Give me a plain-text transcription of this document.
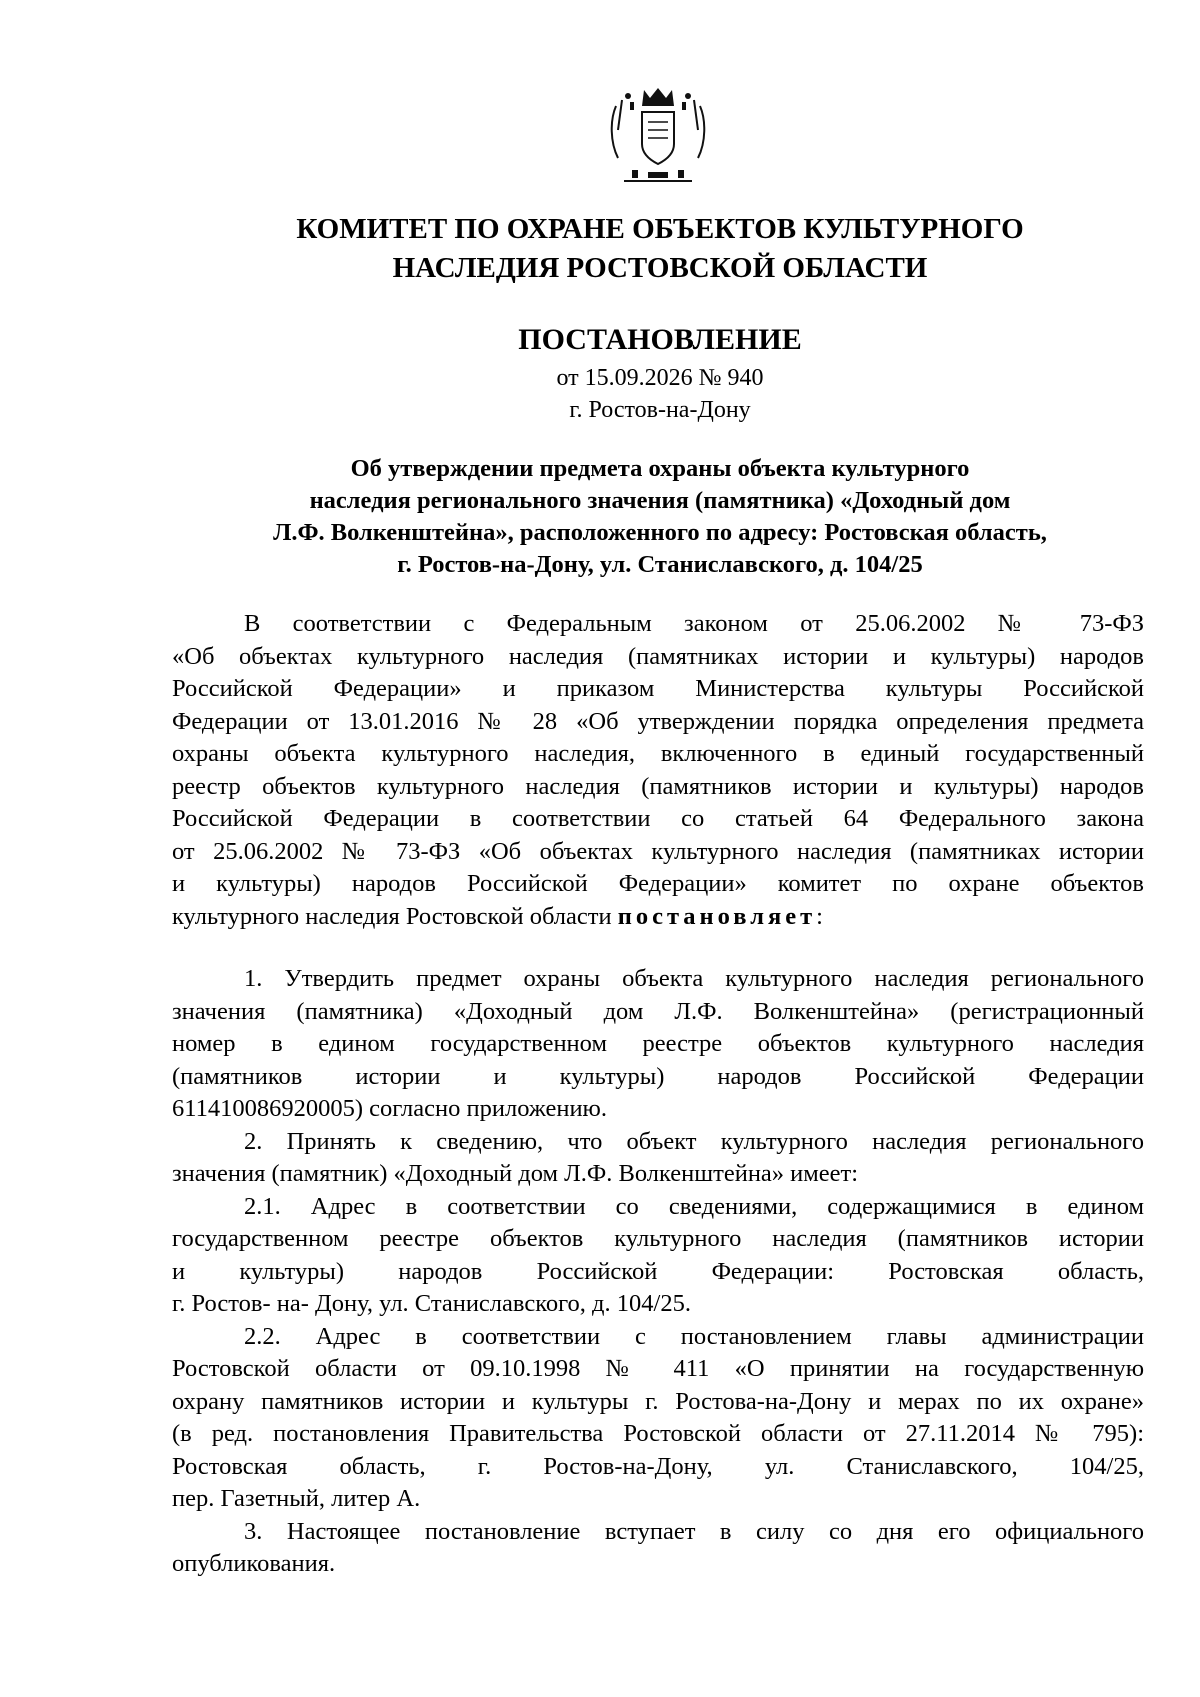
КОМИТЕТ ПО ОХРАНЕ ОБЪЕКТОВ КУЛЬТУРНОГО
НАСЛЕДИЯ РОСТОВСКОЙ ОБЛАСТИ
ПОСТАНОВЛЕНИЕ
от 15.09.2026 № 940
г. Ростов-на-Дону
Об утверждении предмета охраны объекта культурного
наследия регионального значения (памятника) «Доходный дом
Л.Ф. Волкенштейна», расположенного по адресу: Ростовская область,
г. Ростов-на-Дону, ул. Станиславского, д. 104/25
В соответствии с Федеральным законом от 25.06.2002 № 73-ФЗ
«Об объектах культурного наследия (памятниках истории и культуры) народов
Российской Федерации» и приказом Министерства культуры Российской
Федерации от 13.01.2016 № 28 «Об утверждении порядка определения предмета
охраны объекта культурного наследия, включенного в единый государственный
реестр объектов культурного наследия (памятников истории и культуры) народов
Российской Федерации в соответствии со статьей 64 Федерального закона
от 25.06.2002 № 73-ФЗ «Об объектах культурного наследия (памятниках истории
и культуры) народов Российской Федерации» комитет по охране объектов
культурного наследия Ростовской области постановляет:
1. Утвердить предмет охраны объекта культурного наследия регионального
значения (памятника) «Доходный дом Л.Ф. Волкенштейна» (регистрационный
номер в едином государственном реестре объектов культурного наследия
(памятников истории и культуры) народов Российской Федерации
611410086920005) согласно приложению.
2. Принять к сведению, что объект культурного наследия регионального
значения (памятник) «Доходный дом Л.Ф. Волкенштейна» имеет:
2.1. Адрес в соответствии со сведениями, содержащимися в едином
государственном реестре объектов культурного наследия (памятников истории
и культуры) народов Российской Федерации: Ростовская область,
г. Ростов- на- Дону, ул. Станиславского, д. 104/25.
2.2. Адрес в соответствии с постановлением главы администрации
Ростовской области от 09.10.1998 № 411 «О принятии на государственную
охрану памятников истории и культуры г. Ростова-на-Дону и мерах по их охране»
(в ред. постановления Правительства Ростовской области от 27.11.2014 № 795):
Ростовская область, г. Ростов-на-Дону, ул. Станиславского, 104/25,
пер. Газетный, литер А.
3. Настоящее постановление вступает в силу со дня его официального
опубликования.
